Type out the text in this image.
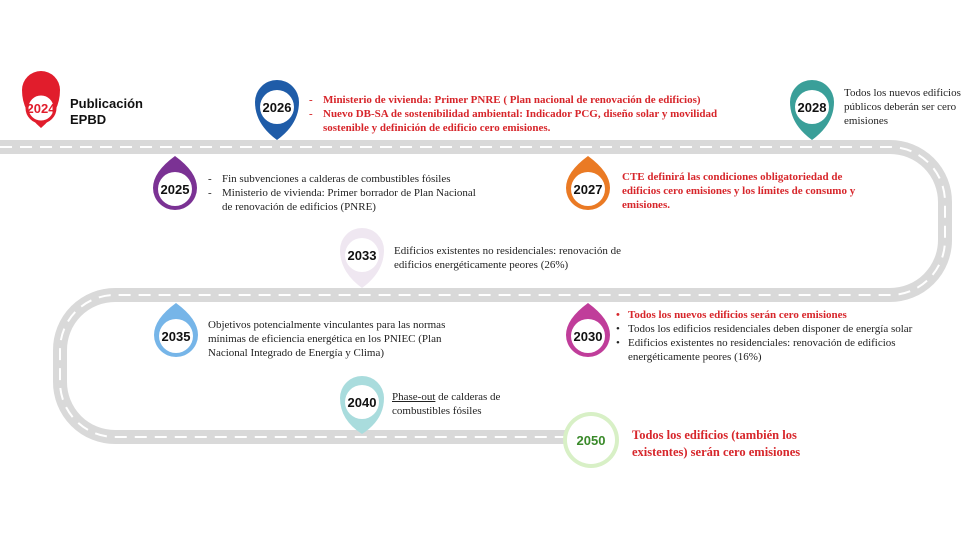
2024	2026	2028
2025	2027
2033
2035	2030
2040
2050
Publicación
EPBD
- Ministerio de vivienda: Primer PNRE ( Plan nacional de renovación de edificios)
- Nuevo DB-SA de sostenibilidad ambiental: Indicador PCG, diseño solar y movilidad sostenible y definición de edificio cero emisiones.
Todos los nuevos edificios públicos deberán ser cero emisiones
- Fin subvenciones a calderas de combustibles fósiles
- Ministerio de vivienda: Primer borrador de Plan Nacional de renovación de edificios (PNRE)
CTE definirá las condiciones obligatoriedad de edificios cero emisiones y los límites de consumo y emisiones.
Edificios existentes no residenciales: renovación de edificios energéticamente peores (26%)
Objetivos potencialmente vinculantes para las normas mínimas de eficiencia energética en los PNIEC (Plan Nacional Integrado de Energía y Clima)
• Todos los nuevos edificios serán cero emisiones
• Todos los edificios residenciales deben disponer de energía solar
• Edificios existentes no residenciales: renovación de edificios energéticamente peores (16%)
Phase-out de calderas de combustibles fósiles
Todos los edificios (también los existentes) serán cero emisiones
